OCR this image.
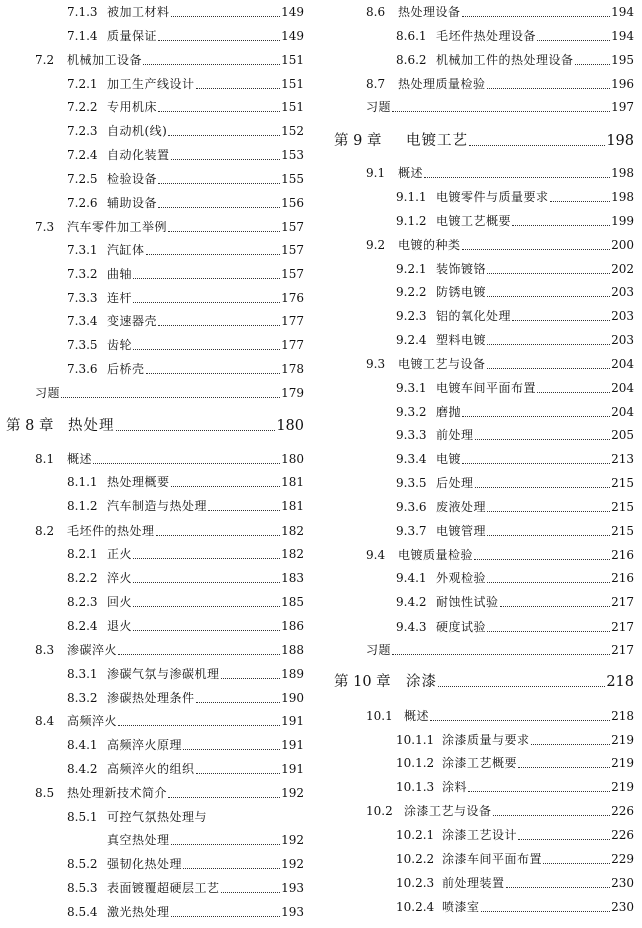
7.1.3 被加工材料	149
7.1.4 质量保证	149
7.2	机械加工设备	151
7.2.1 加工生产线设计	151
7.2.2 专用机床	151
7.2.3 自动机(线)	152
7.2.4 自动化装置	153
7.2.5 检验设备	155
7.2.6 辅助设备	156
7.3	汽车零件加工举例	157
7.3.1 汽缸体	157
7.3.2 曲轴	157
7.3.3 连杆	176
7.3.4 变速器壳	177
7.3.5 齿轮	177
7.3.6 后桥壳	178
习题	179
第 8 章	热处理	180
8.1	概述	180
8.1.1 热处理概要	181
8.1.2 汽车制造与热处理	181
8.2	毛坯件的热处理	182
8.2.1 正火	182
8.2.2 淬火	183
8.2.3 回火	185
8.2.4 退火	186
8.3	渗碳淬火	188
8.3.1 渗碳气氛与渗碳机理	189
8.3.2 渗碳热处理条件	190
8.4	高频淬火	191
8.4.1 高频淬火原理	191
8.4.2 高频淬火的组织	191
8.5	热处理新技术简介	192
8.5.1 可控气氛热处理与
真空热处理	192
8.5.2 强韧化热处理	192
8.5.3 表面镀覆超硬层工艺	193
8.5.4 激光热处理	193
8.6	热处理设备	194
8.6.1 毛坯件热处理设备	194
8.6.2 机械加工件的热处理设备	195
8.7	热处理质量检验	196
习题	197
第 9 章	电镀工艺	198
9.1	概述	198
9.1.1 电镀零件与质量要求	198
9.1.2 电镀工艺概要	199
9.2	电镀的种类	200
9.2.1 装饰镀铬	202
9.2.2 防锈电镀	203
9.2.3 铝的氧化处理	203
9.2.4 塑料电镀	203
9.3	电镀工艺与设备	204
9.3.1 电镀车间平面布置	204
9.3.2 磨抛	204
9.3.3 前处理	205
9.3.4 电镀	213
9.3.5 后处理	215
9.3.6 废液处理	215
9.3.7 电镀管理	215
9.4	电镀质量检验	216
9.4.1 外观检验	216
9.4.2 耐蚀性试验	217
9.4.3 硬度试验	217
习题	217
第 10 章	涂漆	218
10.1 概述	218
10.1.1 涂漆质量与要求	219
10.1.2 涂漆工艺概要	219
10.1.3 涂料	219
10.2 涂漆工艺与设备	226
10.2.1 涂漆工艺设计	226
10.2.2 涂漆车间平面布置	229
10.2.3 前处理装置	230
10.2.4 喷漆室	230
